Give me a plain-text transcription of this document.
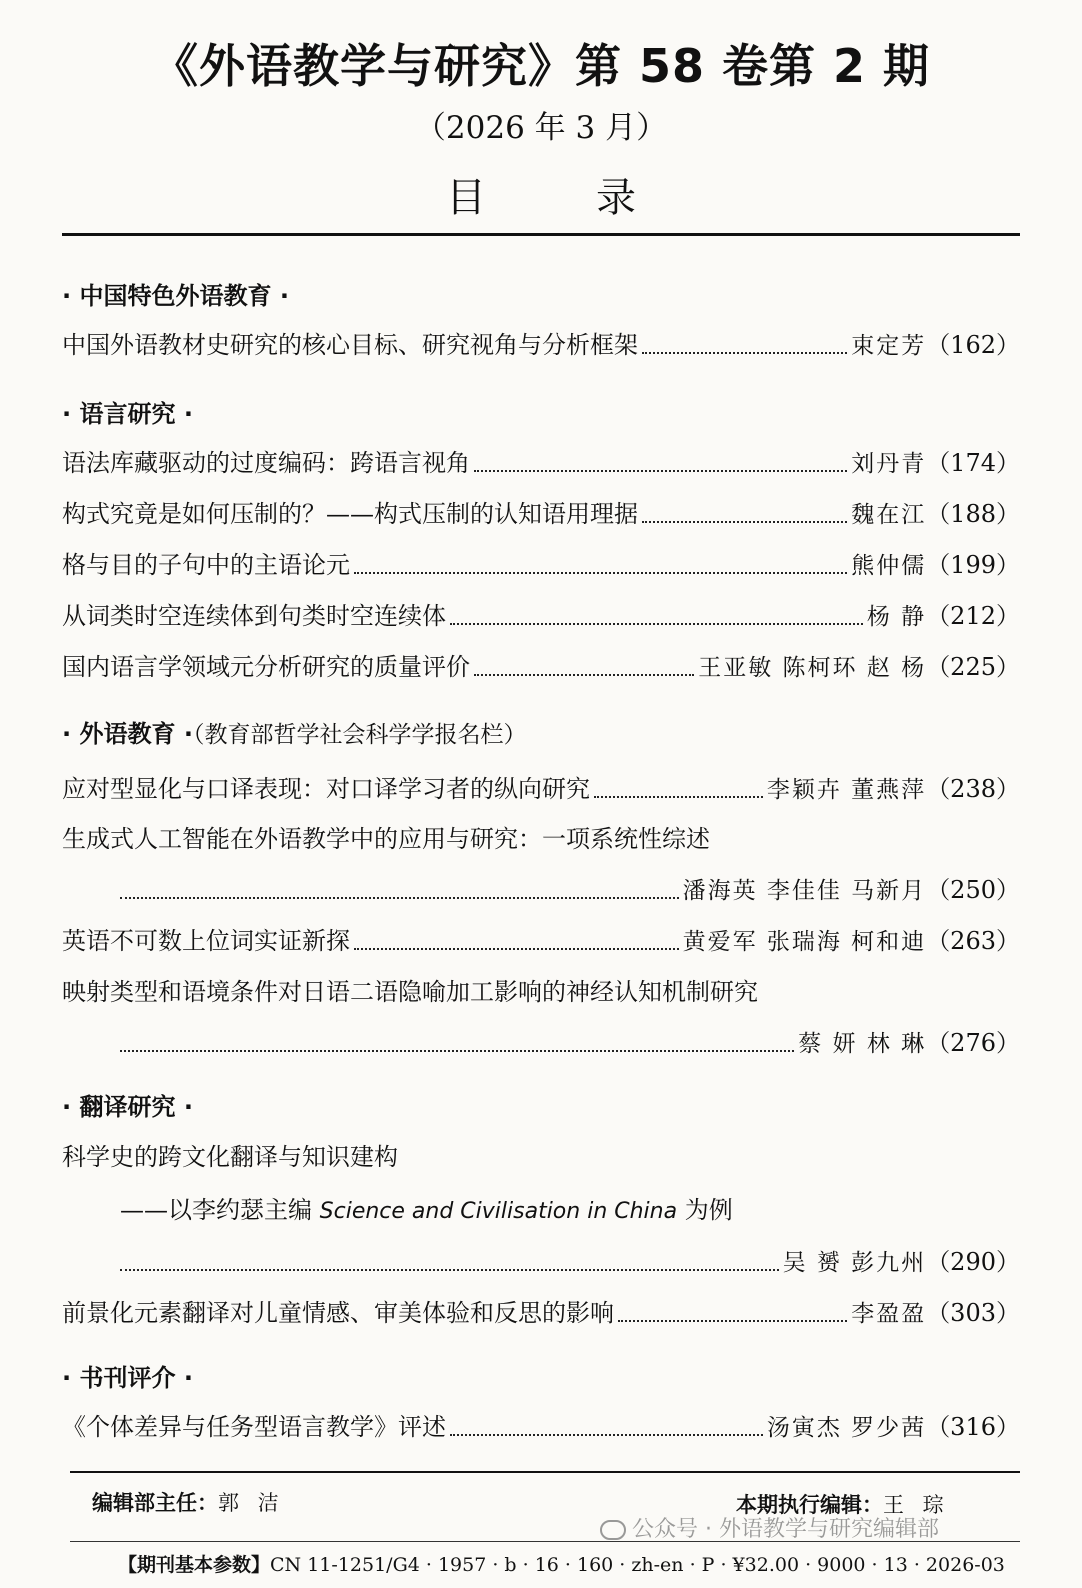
《外语教学与研究》第 58 卷第 2 期
（2026 年 3 月）
目录
· 中国特色外语教育 ·
中国外语教材史研究的核心目标、研究视角与分析框架	束定芳 （162）
· 语言研究 ·
语法库藏驱动的过度编码：跨语言视角	刘丹青 （174）
构式究竟是如何压制的？——构式压制的认知语用理据	魏在江 （188）
格与目的子句中的主语论元	熊仲儒 （199）
从词类时空连续体到句类时空连续体	杨 静 （212）
国内语言学领域元分析研究的质量评价	王亚敏 陈柯环 赵 杨 （225）
· 外语教育 ·（教育部哲学社会科学学报名栏）
应对型显化与口译表现：对口译学习者的纵向研究	李颖卉 董燕萍 （238）
生成式人工智能在外语教学中的应用与研究：一项系统性综述
潘海英 李佳佳 马新月 （250）
英语不可数上位词实证新探	黄爱军 张瑞海 柯和迪 （263）
映射类型和语境条件对日语二语隐喻加工影响的神经认知机制研究
蔡 妍 林 琳 （276）
· 翻译研究 ·
科学史的跨文化翻译与知识建构
——以李约瑟主编 Science and Civilisation in China 为例
吴 赟 彭九州 （290）
前景化元素翻译对儿童情感、审美体验和反思的影响	李盈盈 （303）
· 书刊评介 ·
《个体差异与任务型语言教学》评述	汤寅杰 罗少茜 （316）
编辑部主任：郭 洁	本期执行编辑：王 琮
公众号 · 外语教学与研究编辑部
【期刊基本参数】CN 11-1251/G4 · 1957 · b · 16 · 160 · zh-en · P · ¥32.00 · 9000 · 13 · 2026-03
